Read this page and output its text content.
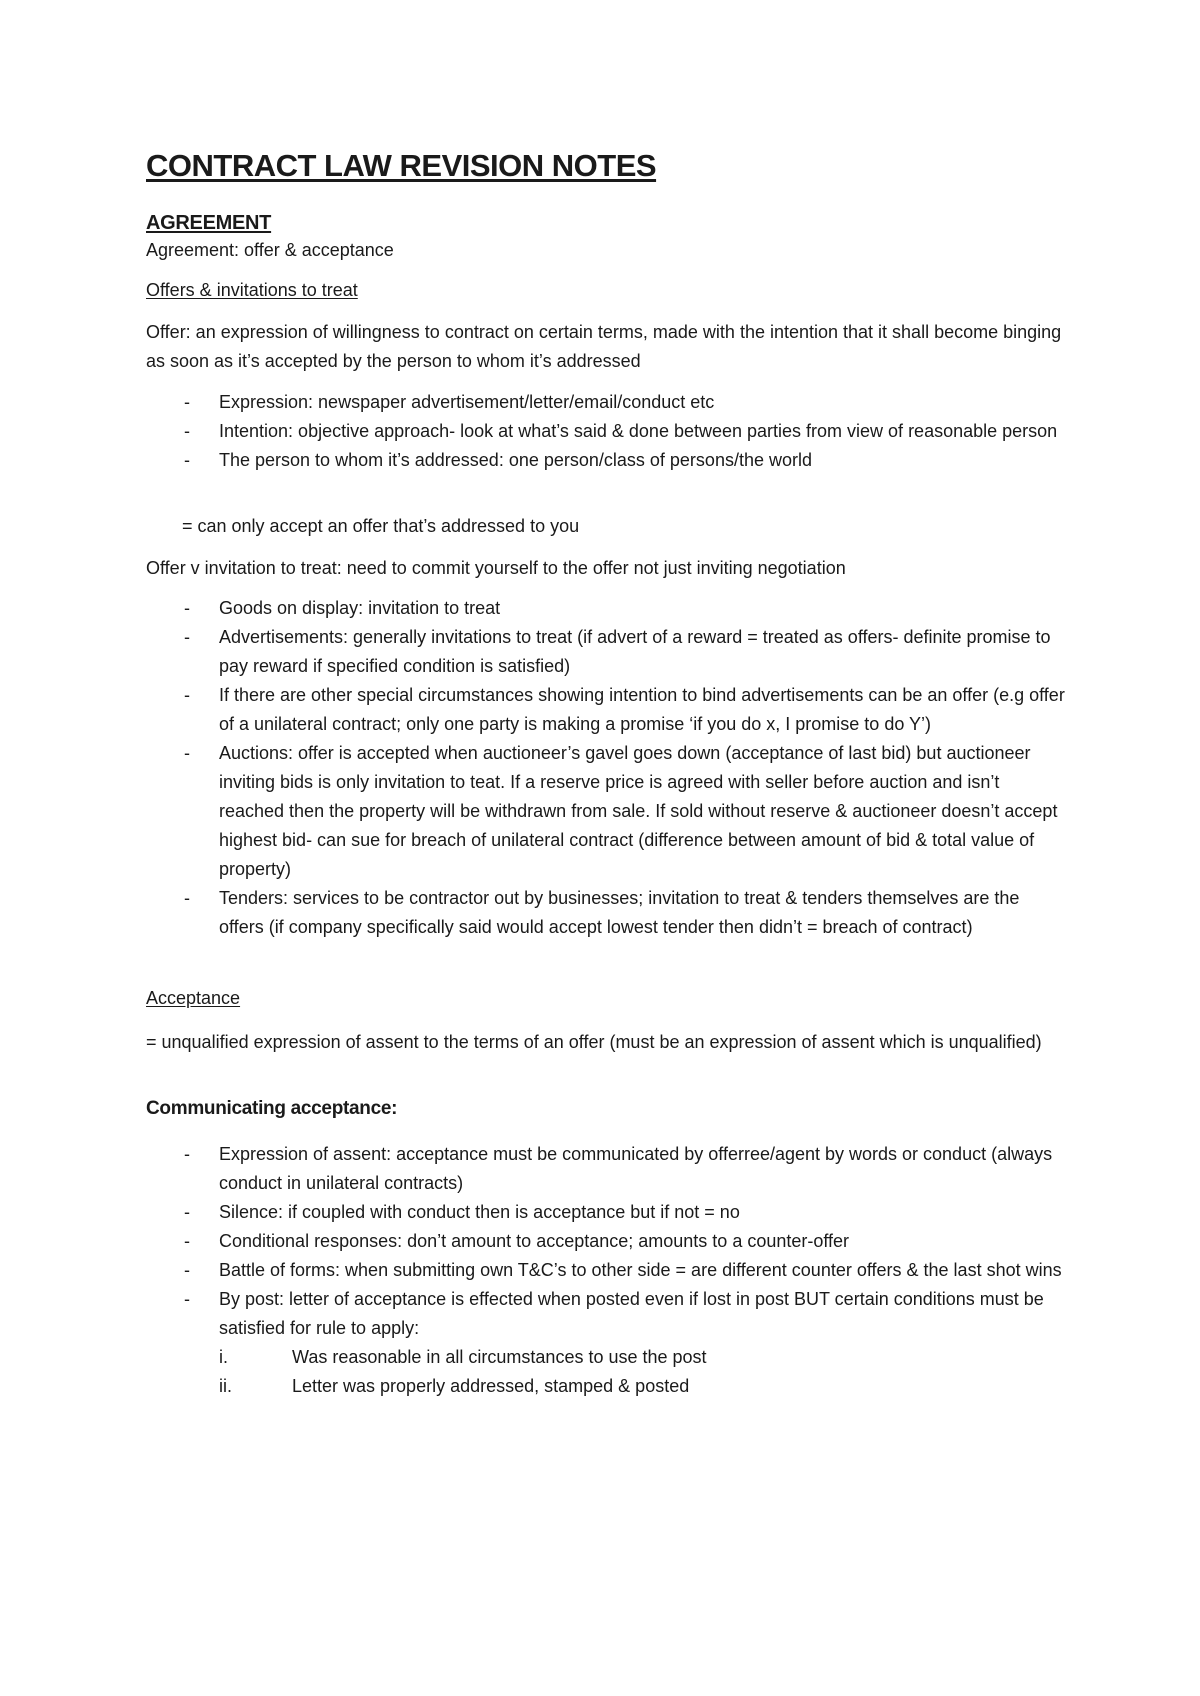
CONTRACT LAW REVISION NOTES
AGREEMENT
Agreement: offer & acceptance
Offers & invitations to treat
Offer: an expression of willingness to contract on certain terms, made with the intention that it shall become binging as soon as it’s accepted by the person to whom it’s addressed
- Expression: newspaper advertisement/letter/email/conduct etc
- Intention: objective approach- look at what’s said & done between parties from view of reasonable person
- The person to whom it’s addressed: one person/class of persons/the world
= can only accept an offer that’s addressed to you
Offer v invitation to treat: need to commit yourself to the offer not just inviting negotiation
- Goods on display: invitation to treat
- Advertisements: generally invitations to treat (if advert of a reward = treated as offers- definite promise to pay reward if specified condition is satisfied)
- If there are other special circumstances showing intention to bind advertisements can be an offer (e.g offer of a unilateral contract; only one party is making a promise ‘if you do x, I promise to do Y’)
- Auctions: offer is accepted when auctioneer’s gavel goes down (acceptance of last bid) but auctioneer inviting bids is only invitation to teat. If a reserve price is agreed with seller before auction and isn’t reached then the property will be withdrawn from sale. If sold without reserve & auctioneer doesn’t accept highest bid- can sue for breach of unilateral contract (difference between amount of bid & total value of property)
- Tenders: services to be contractor out by businesses; invitation to treat & tenders themselves are the offers (if company specifically said would accept lowest tender then didn’t = breach of contract)
Acceptance
= unqualified expression of assent to the terms of an offer (must be an expression of assent which is unqualified)
Communicating acceptance:
- Expression of assent: acceptance must be communicated by offerree/agent by words or conduct (always conduct in unilateral contracts)
- Silence: if coupled with conduct then is acceptance but if not = no
- Conditional responses: don’t amount to acceptance; amounts to a counter-offer
- Battle of forms: when submitting own T&C’s to other side = are different counter offers & the last shot wins
- By post: letter of acceptance is effected when posted even if lost in post BUT certain conditions must be satisfied for rule to apply:
i.	Was reasonable in all circumstances to use the post
ii.	Letter was properly addressed, stamped & posted
